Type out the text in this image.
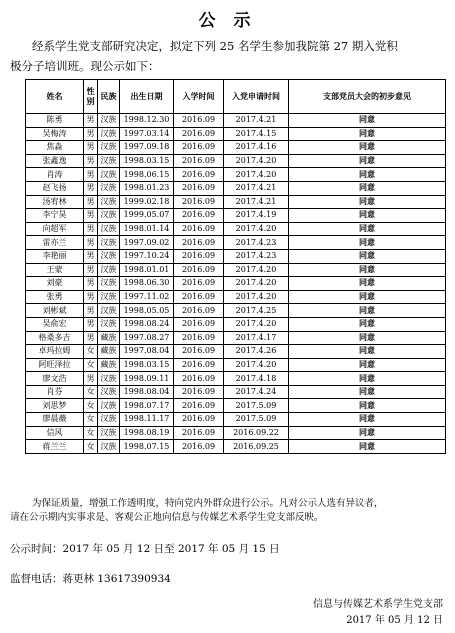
公 示
经系学生党支部研究决定，拟定下列 25 名学生参加我院第 27 期入党积
极分子培训班。现公示如下：
姓名	性别	民族	出生日期	入学时间	入党申请时间	支部党员大会的初步意见
陈勇	男	汉族	1998.12.30	2016.09	2017.4.21	同意
吴梅涛	男	汉族	1997.03.14	2016.09	2017.4.15	同意
焦淼	男	汉族	1997.09.18	2016.09	2017.4.16	同意
张鑫逸	男	汉族	1998.03.15	2016.09	2017.4.20	同意
肖涛	男	汉族	1998.06.15	2016.09	2017.4.20	同意
赵飞扬	男	汉族	1998.01.23	2016.09	2017.4.21	同意
汤宥林	男	汉族	1999.02.18	2016.09	2017.4.21	同意
李宁昊	男	汉族	1999.05.07	2016.09	2017.4.19	同意
向超军	男	汉族	1998.01.14	2016.09	2017.4.20	同意
雷亦兰	男	汉族	1997.09.02	2016.09	2017.4.23	同意
李艳丽	男	汉族	1997.10.24	2016.09	2017.4.23	同意
王蒙	男	汉族	1998.01.01	2016.09	2017.4.20	同意
刘豪	男	汉族	1998.06.30	2016.09	2017.4.20	同意
张勇	男	汉族	1997.11.02	2016.09	2017.4.20	同意
刘彬斌	男	汉族	1998.05.05	2016.09	2017.4.25	同意
吴俞宏	男	汉族	1998.08.24	2016.09	2017.4.20	同意
格桑多吉	男	藏族	1997.08.27	2016.09	2017.4.17	同意
卓玛拉姆	女	藏族	1997.08.04	2016.09	2017.4.26	同意
阿旺泽拉	女	藏族	1998.03.15	2016.09	2017.4.20	同意
廖文浩	男	汉族	1998.09.11	2016.09	2017.4.18	同意
肖芬	女	汉族	1998.08.04	2016.09	2017.4.24	同意
刘思梦	女	汉族	1998.07.17	2016.09	2017.5.09	同意
廖晨薇	女	汉族	1998.11.17	2016.09	2017.5.09	同意
信风	女	汉族	1998.08.19	2016.09	2016.09.22	同意
蒋兰兰	女	汉族	1998.07.15	2016.09	2016.09.25	同意
为保证质量，增强工作透明度，特向党内外群众进行公示。凡对公示人选有异议者，
请在公示期内实事求是、客观公正地向信息与传媒艺术系学生党支部反映。
公示时间：2017 年 05 月 12 日至 2017 年 05 月 15 日
监督电话：蒋更林 13617390934
信息与传媒艺术系学生党支部
2017 年 05 月 12 日
